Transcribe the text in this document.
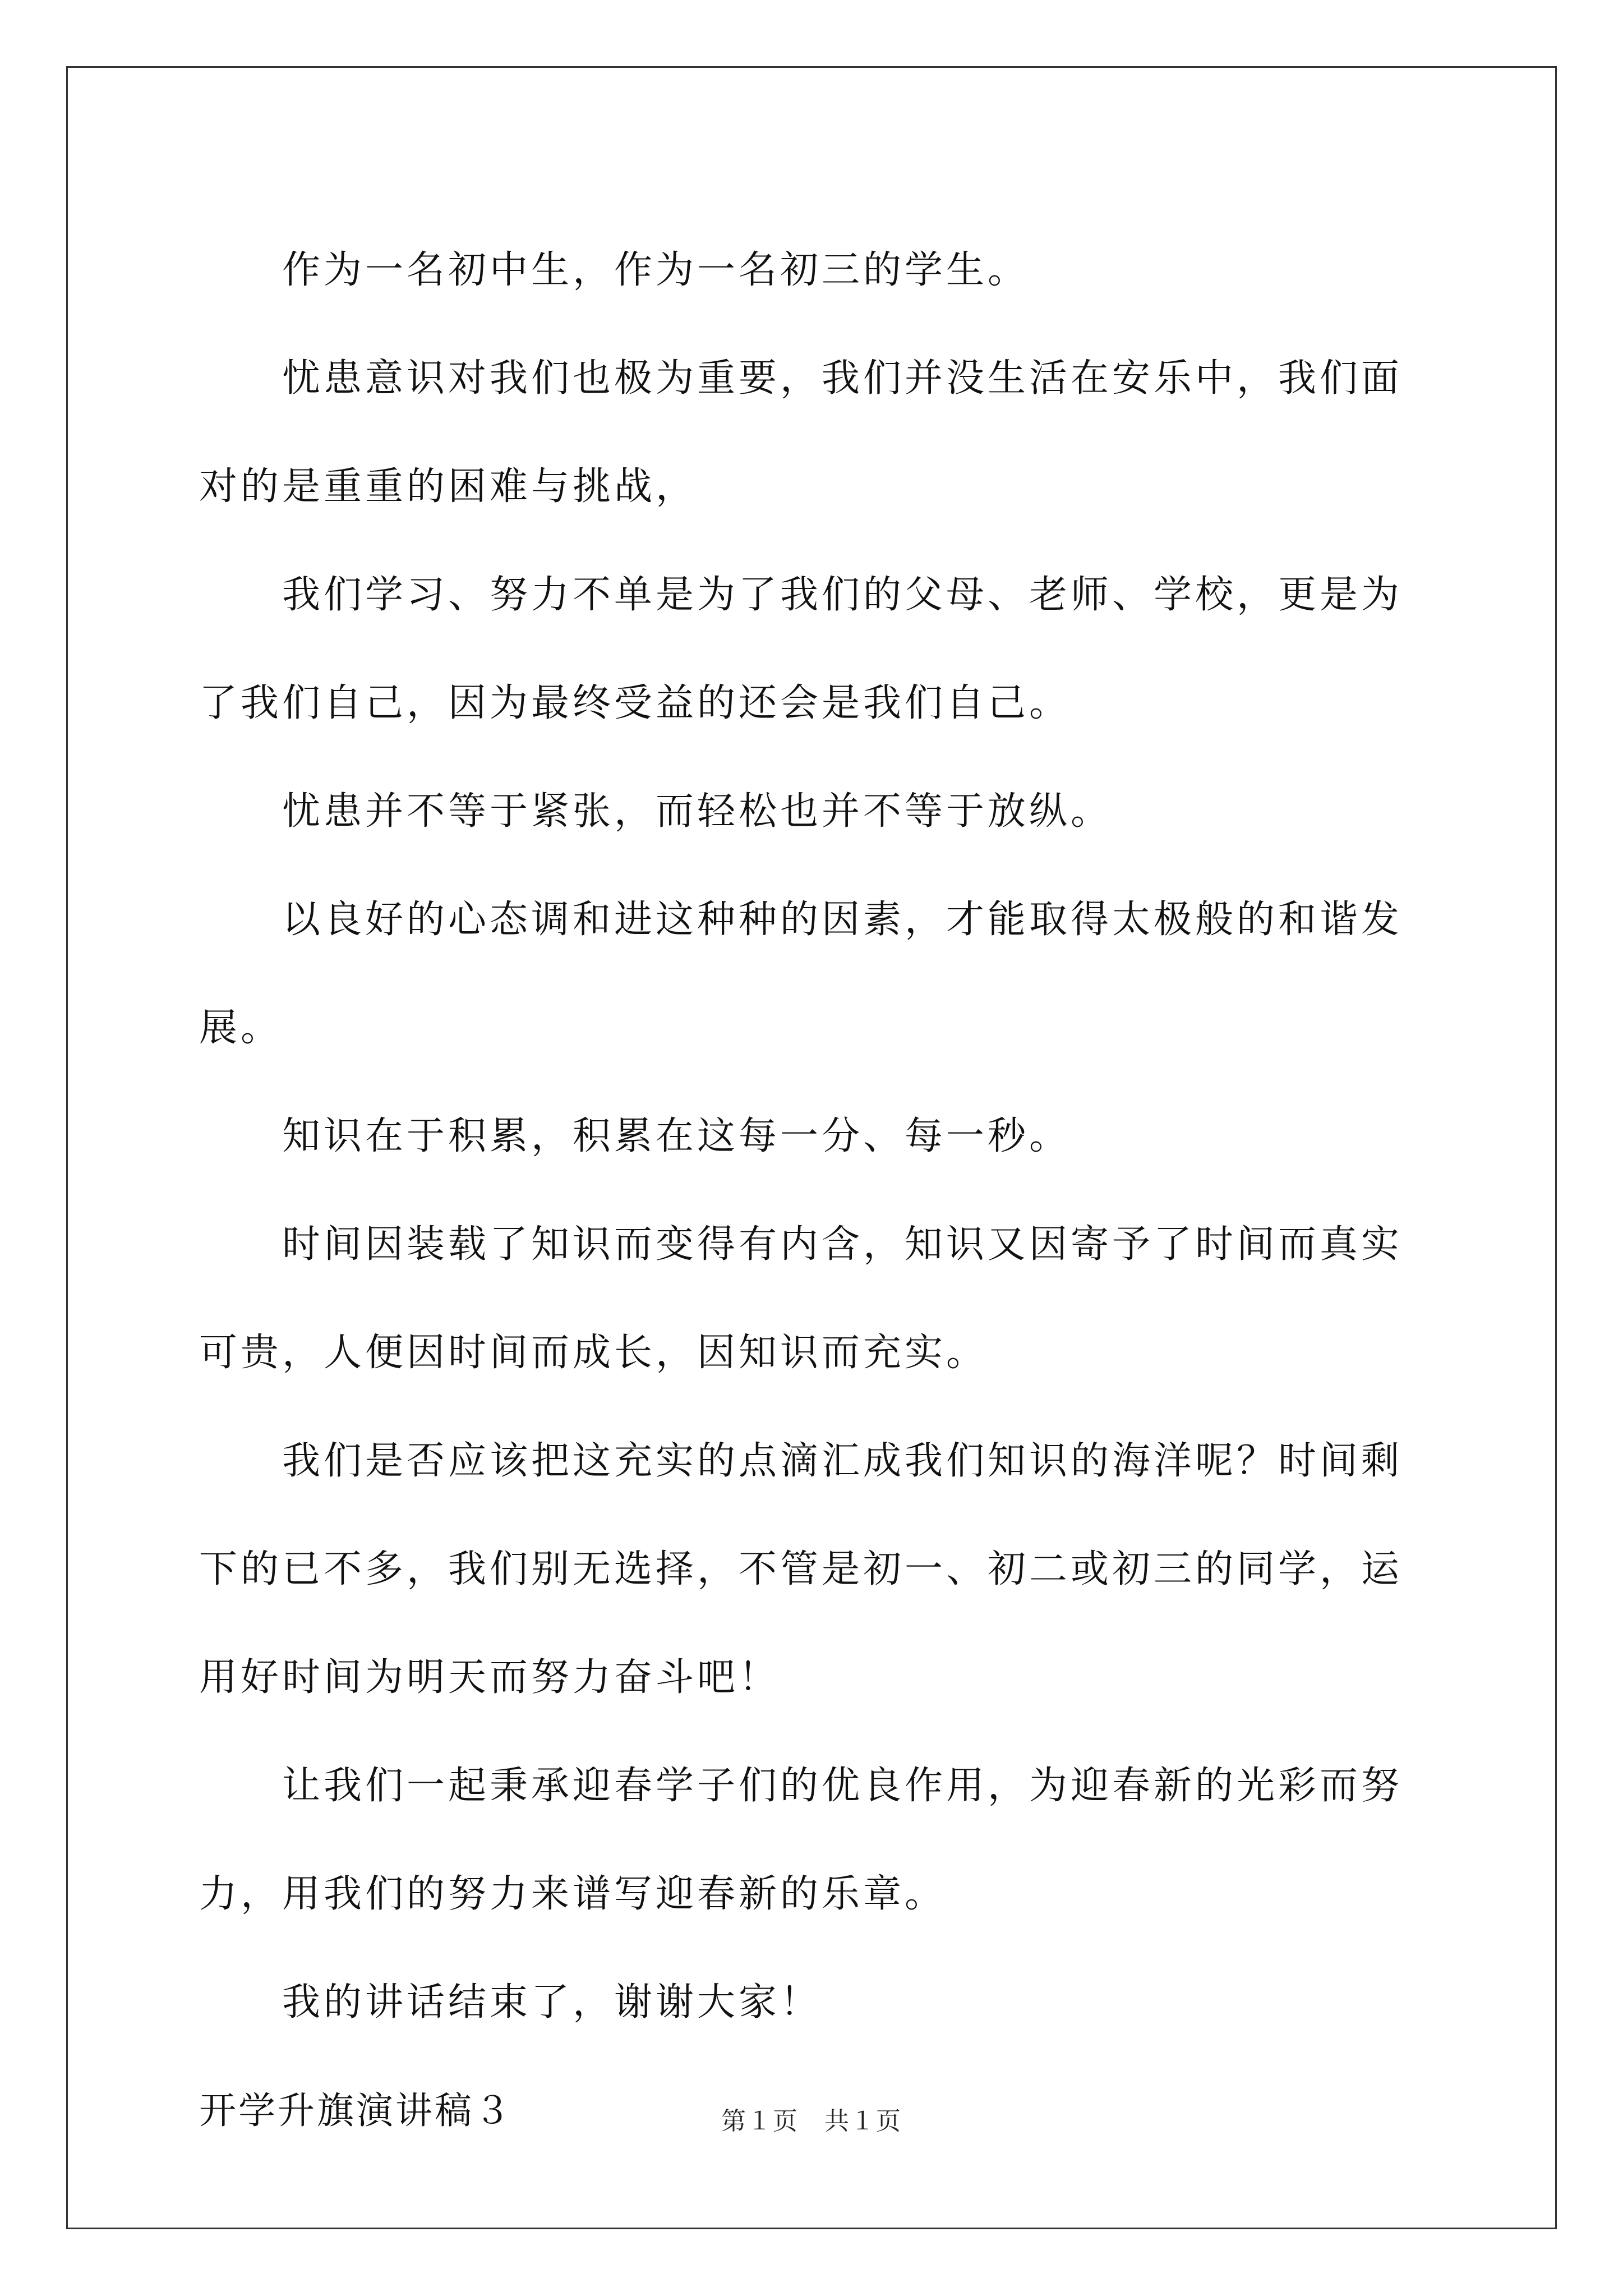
作为一名初中生，作为一名初三的学生。

忧患意识对我们也极为重要，我们并没生活在安乐中，我们面对的是重重的困难与挑战，

我们学习、努力不单是为了我们的父母、老师、学校，更是为了我们自己，因为最终受益的还会是我们自己。

忧患并不等于紧张，而轻松也并不等于放纵。

以良好的心态调和进这种种的因素，才能取得太极般的和谐发展。

知识在于积累，积累在这每一分、每一秒。

时间因装载了知识而变得有内含，知识又因寄予了时间而真实可贵，人便因时间而成长，因知识而充实。

我们是否应该把这充实的点滴汇成我们知识的海洋呢？时间剩下的已不多，我们别无选择，不管是初一、初二或初三的同学，运用好时间为明天而努力奋斗吧！

让我们一起秉承迎春学子们的优良作用，为迎春新的光彩而努力，用我们的努力来谱写迎春新的乐章。

我的讲话结束了，谢谢大家！

开学升旗演讲稿３	第１页　共１页
